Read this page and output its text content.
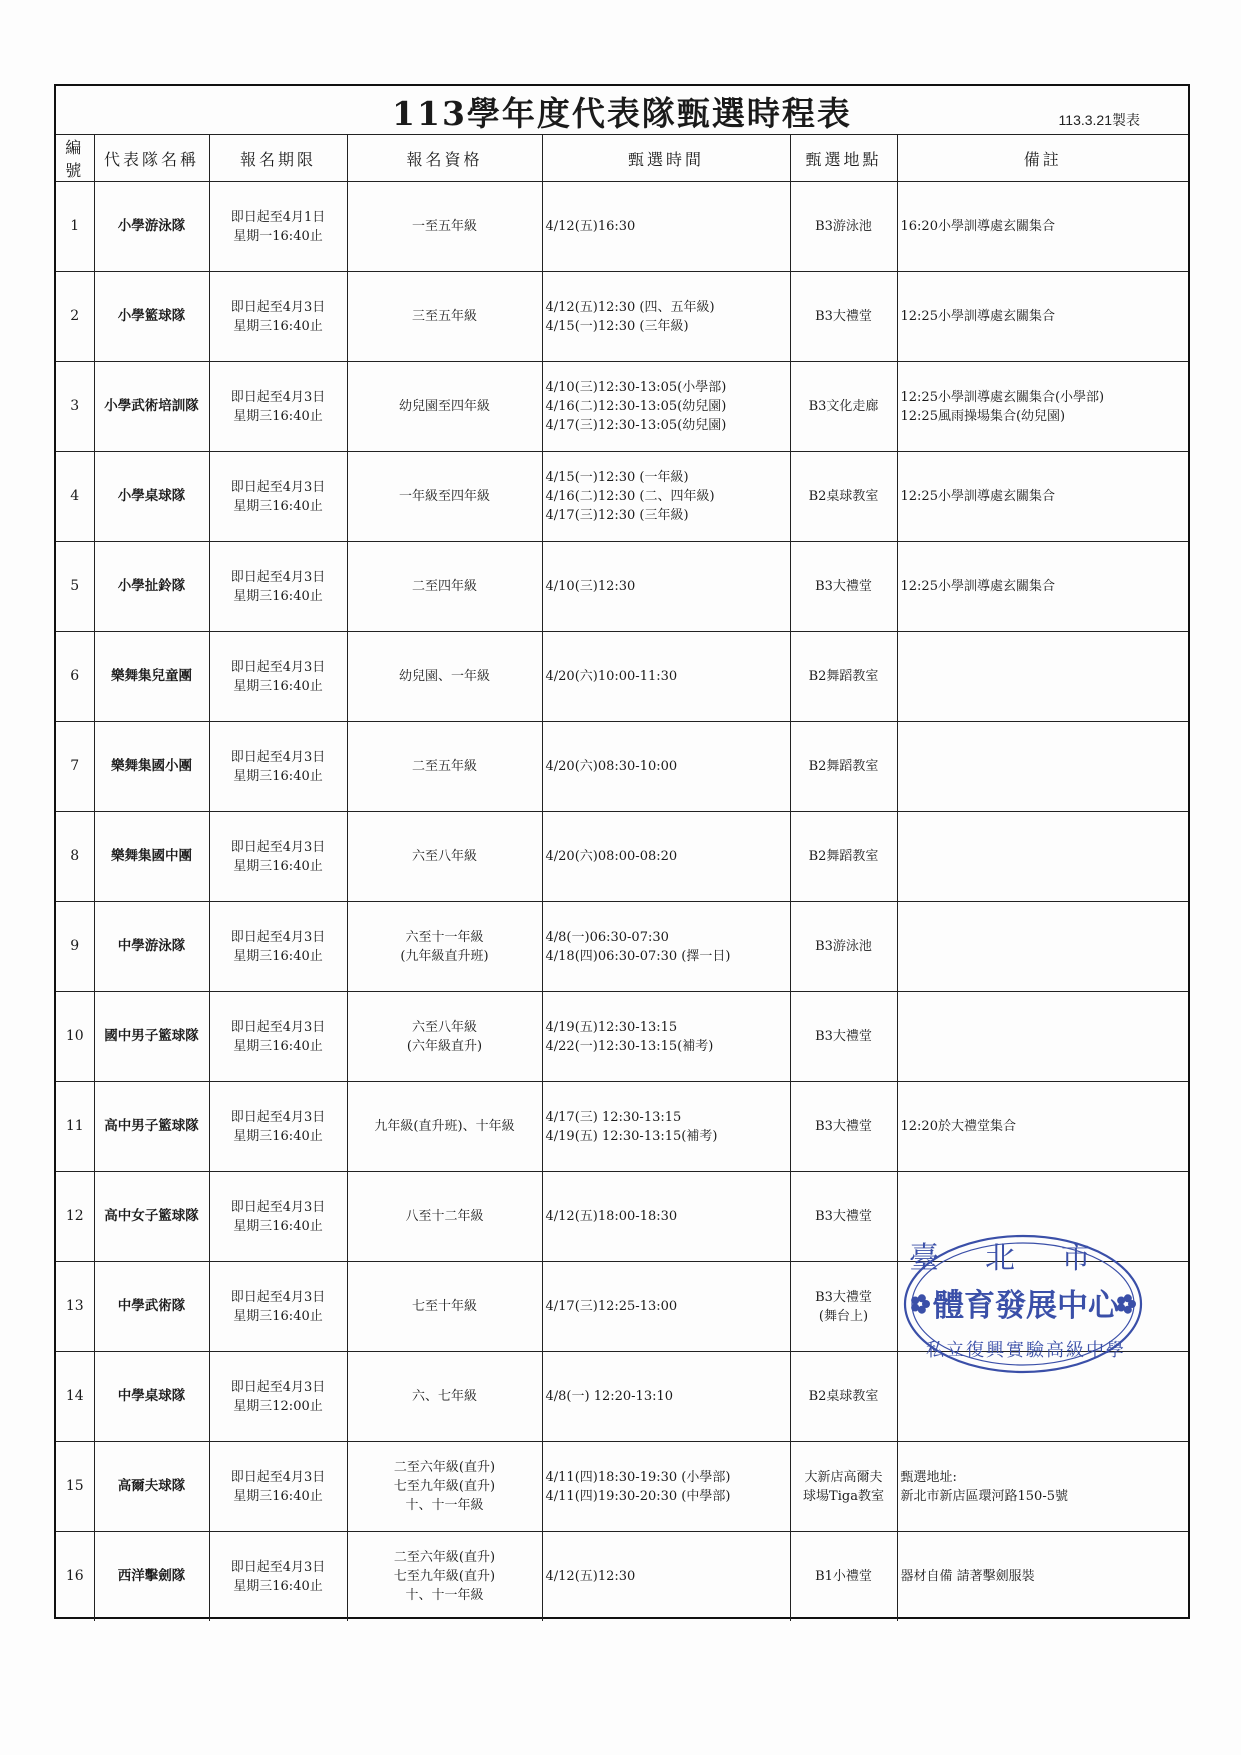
113學年度代表隊甄選時程表	113.3.21製表
編號	代表隊名稱	報名期限	報名資格	甄選時間	甄選地點	備註
1	小學游泳隊	即日起至4月1日
星期一16:40止	一至五年級	4/12(五)16:30	B3游泳池	16:20小學訓導處玄關集合

2	小學籃球隊	即日起至4月3日
星期三16:40止	三至五年級	4/12(五)12:30 (四、五年級)
4/15(一)12:30 (三年級)	B3大禮堂	12:25小學訓導處玄關集合

3	小學武術培訓隊	即日起至4月3日
星期三16:40止	幼兒園至四年級	4/10(三)12:30-13:05(小學部)
4/16(二)12:30-13:05(幼兒園)
4/17(三)12:30-13:05(幼兒園)	B3文化走廊	12:25小學訓導處玄關集合(小學部)
12:25風雨操場集合(幼兒園)

4	小學桌球隊	即日起至4月3日
星期三16:40止	一年級至四年級	4/15(一)12:30 (一年級)
4/16(二)12:30 (二、四年級)
4/17(三)12:30 (三年級)	B2桌球教室	12:25小學訓導處玄關集合

5	小學扯鈴隊	即日起至4月3日
星期三16:40止	二至四年級	4/10(三)12:30	B3大禮堂	12:25小學訓導處玄關集合

6	樂舞集兒童團	即日起至4月3日
星期三16:40止	幼兒園、一年級	4/20(六)10:00-11:30	B2舞蹈教室	

7	樂舞集國小團	即日起至4月3日
星期三16:40止	二至五年級	4/20(六)08:30-10:00	B2舞蹈教室	

8	樂舞集國中團	即日起至4月3日
星期三16:40止	六至八年級	4/20(六)08:00-08:20	B2舞蹈教室	

9	中學游泳隊	即日起至4月3日
星期三16:40止	六至十一年級
(九年級直升班)	4/8(一)06:30-07:30
4/18(四)06:30-07:30 (擇一日)	B3游泳池	

10	國中男子籃球隊	即日起至4月3日
星期三16:40止	六至八年級
(六年級直升)	4/19(五)12:30-13:15
4/22(一)12:30-13:15(補考)	B3大禮堂	

11	高中男子籃球隊	即日起至4月3日
星期三16:40止	九年級(直升班)、十年級	4/17(三) 12:30-13:15
4/19(五) 12:30-13:15(補考)	B3大禮堂	12:20於大禮堂集合

12	高中女子籃球隊	即日起至4月3日
星期三16:40止	八至十二年級	4/12(五)18:00-18:30	B3大禮堂	

13	中學武術隊	即日起至4月3日
星期三16:40止	七至十年級	4/17(三)12:25-13:00	B3大禮堂
(舞台上)	

14	中學桌球隊	即日起至4月3日
星期三12:00止	六、七年級	4/8(一) 12:20-13:10	B2桌球教室	

15	高爾夫球隊	即日起至4月3日
星期三16:40止	二至六年級(直升)
七至九年級(直升)
十、十一年級	4/11(四)18:30-19:30 (小學部)
4/11(四)19:30-20:30 (中學部)	大新店高爾夫
球場Tiga教室	甄選地址:
新北市新店區環河路150-5號

16	西洋擊劍隊	即日起至4月3日
星期三16:40止	二至六年級(直升)
七至九年級(直升)
十、十一年級	4/12(五)12:30	B1小禮堂	器材自備 請著擊劍服裝
臺北市
體育發展中心
私立復興實驗高級中學
